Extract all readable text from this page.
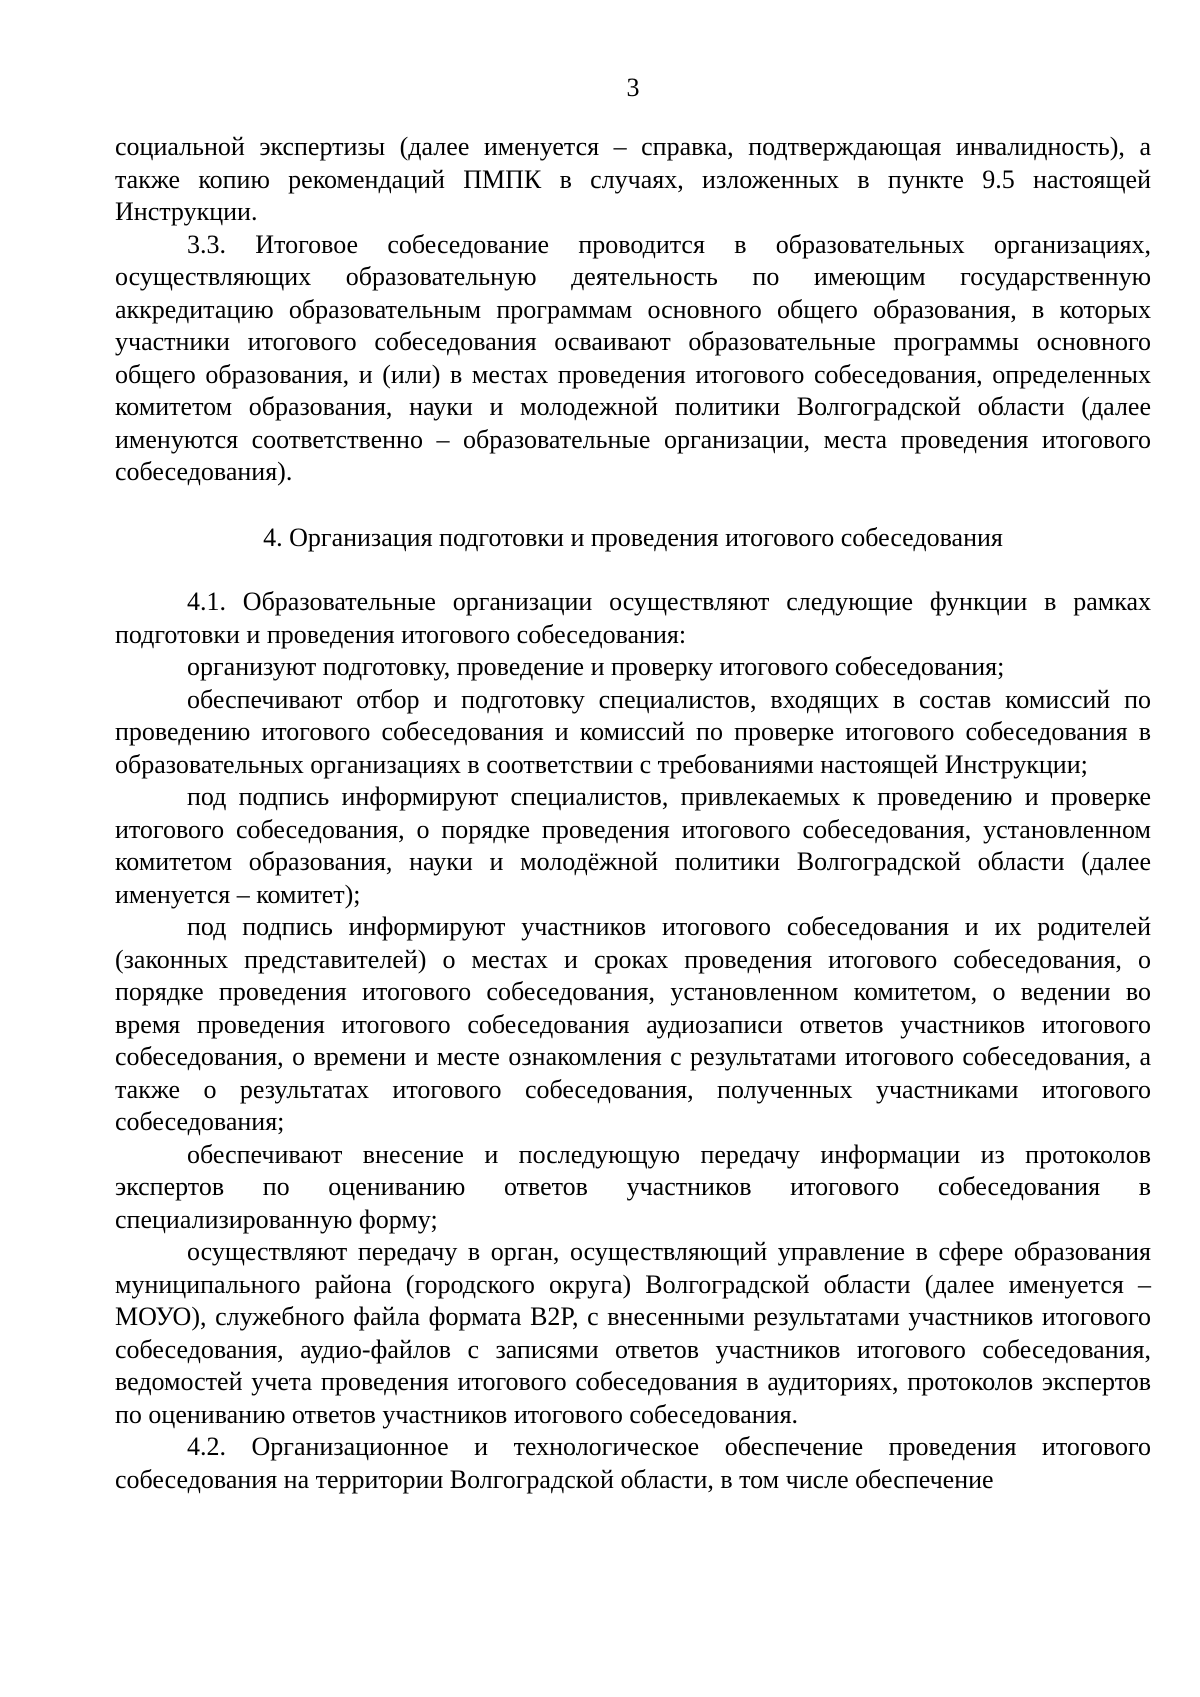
3

социальной экспертизы (далее именуется – справка, подтверждающая инвалидность), а также копию рекомендаций ПМПК в случаях, изложенных в пункте 9.5 настоящей Инструкции.

3.3. Итоговое собеседование проводится в образовательных организациях, осуществляющих образовательную деятельность по имеющим государственную аккредитацию образовательным программам основного общего образования, в которых участники итогового собеседования осваивают образовательные программы основного общего образования, и (или) в местах проведения итогового собеседования, определенных комитетом образования, науки и молодежной политики Волгоградской области (далее именуются соответственно – образовательные организации, места проведения итогового собеседования).

4. Организация подготовки и проведения итогового собеседования

4.1. Образовательные организации осуществляют следующие функции в рамках подготовки и проведения итогового собеседования:

организуют подготовку, проведение и проверку итогового собеседования;

обеспечивают отбор и подготовку специалистов, входящих в состав комиссий по проведению итогового собеседования и комиссий по проверке итогового собеседования в образовательных организациях в соответствии с требованиями настоящей Инструкции;

под подпись информируют специалистов, привлекаемых к проведению и проверке итогового собеседования, о порядке проведения итогового собеседования, установленном комитетом образования, науки и молодёжной политики Волгоградской области (далее именуется – комитет);

под подпись информируют участников итогового собеседования и их родителей (законных представителей) о местах и сроках проведения итогового собеседования, о порядке проведения итогового собеседования, установленном комитетом, о ведении во время проведения итогового собеседования аудиозаписи ответов участников итогового собеседования, о времени и месте ознакомления с результатами итогового собеседования, а также о результатах итогового собеседования, полученных участниками итогового собеседования;

обеспечивают внесение и последующую передачу информации из протоколов экспертов по оцениванию ответов участников итогового собеседования в специализированную форму;

осуществляют передачу в орган, осуществляющий управление в сфере образования муниципального района (городского округа) Волгоградской области (далее именуется – МОУО), служебного файла формата B2P, с внесенными результатами участников итогового собеседования, аудио-файлов с записями ответов участников итогового собеседования, ведомостей учета проведения итогового собеседования в аудиториях, протоколов экспертов по оцениванию ответов участников итогового собеседования.

4.2. Организационное и технологическое обеспечение проведения итогового собеседования на территории Волгоградской области, в том числе обеспечение
